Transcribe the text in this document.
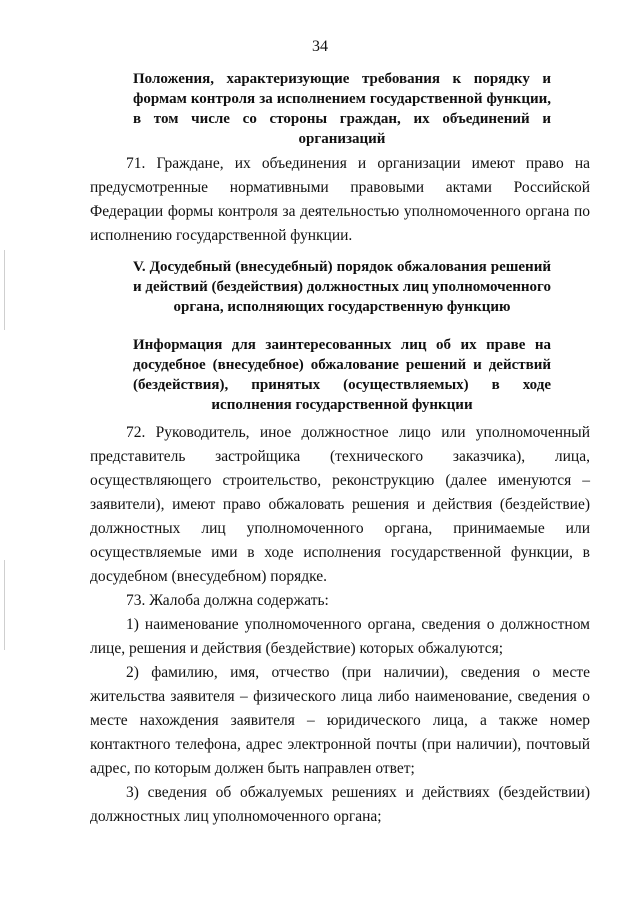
34
Положения, характеризующие требования к порядку и формам контроля за исполнением государственной функции, в том числе со стороны граждан, их объединений и организаций

71. Граждане, их объединения и организации имеют право на предусмотренные нормативными правовыми актами Российской Федерации формы контроля за деятельностью уполномоченного органа по исполнению государственной функции.

V. Досудебный (внесудебный) порядок обжалования решений и действий (бездействия) должностных лиц уполномоченного органа, исполняющих государственную функцию
Информация для заинтересованных лиц об их праве на досудебное (внесудебное) обжалование решений и действий (бездействия), принятых (осуществляемых) в ходе исполнения государственной функции

72. Руководитель, иное должностное лицо или уполномоченный представитель застройщика (технического заказчика), лица, осуществляющего строительство, реконструкцию (далее именуются – заявители), имеют право обжаловать решения и действия (бездействие) должностных лиц уполномоченного органа, принимаемые или осуществляемые ими в ходе исполнения государственной функции, в досудебном (внесудебном) порядке.

73. Жалоба должна содержать:

1) наименование уполномоченного органа, сведения о должностном лице, решения и действия (бездействие) которых обжалуются;

2) фамилию, имя, отчество (при наличии), сведения о месте жительства заявителя – физического лица либо наименование, сведения о месте нахождения заявителя – юридического лица, а также номер контактного телефона, адрес электронной почты (при наличии), почтовый адрес, по которым должен быть направлен ответ;

3) сведения об обжалуемых решениях и действиях (бездействии) должностных лиц уполномоченного органа;
